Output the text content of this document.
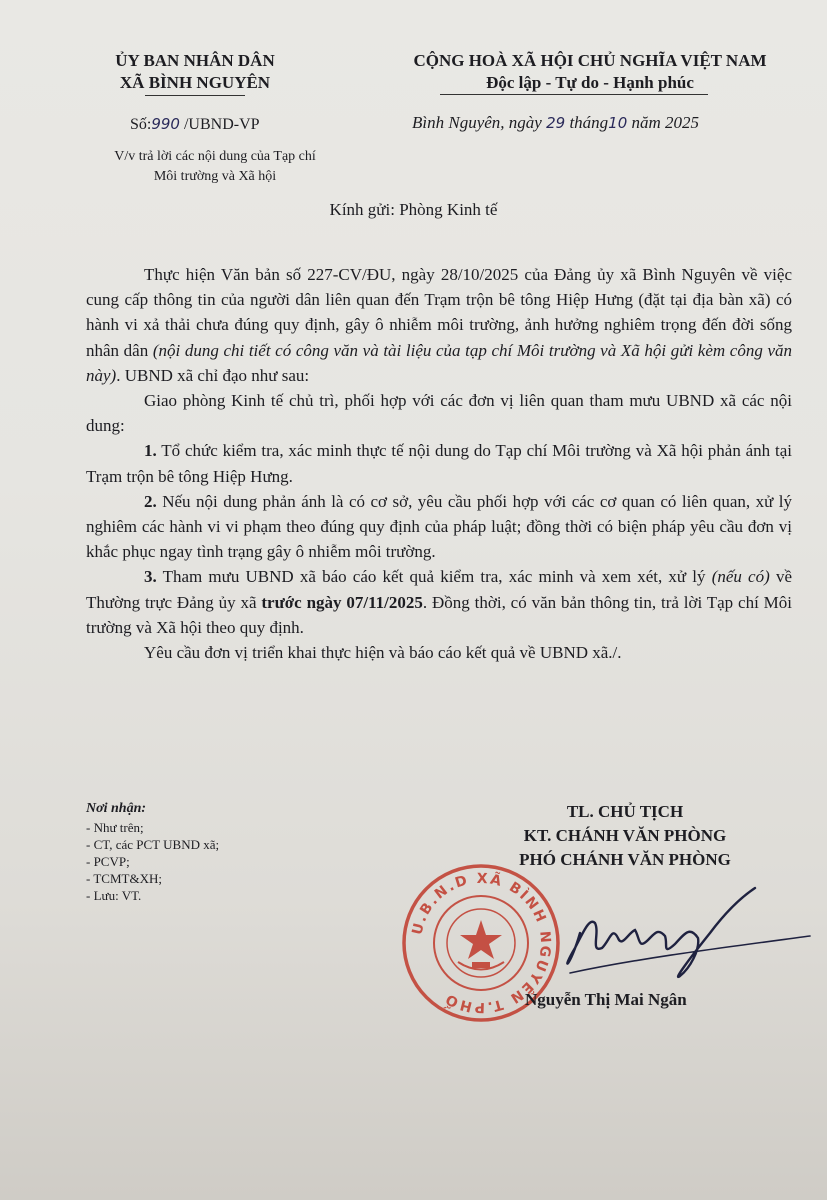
ỦY BAN NHÂN DÂN
XÃ BÌNH NGUYÊN
CỘNG HOÀ XÃ HỘI CHỦ NGHĨA VIỆT NAM
Độc lập - Tự do - Hạnh phúc
Số:990 /UBND-VP
V/v trả lời các nội dung của Tạp chí
Môi trường và Xã hội
Bình Nguyên, ngày 29 tháng10 năm 2025
Kính gửi: Phòng Kinh tế

Thực hiện Văn bản số 227-CV/ĐU, ngày 28/10/2025 của Đảng ủy xã Bình Nguyên về việc cung cấp thông tin của người dân liên quan đến Trạm trộn bê tông Hiệp Hưng (đặt tại địa bàn xã) có hành vi xả thải chưa đúng quy định, gây ô nhiễm môi trường, ảnh hưởng nghiêm trọng đến đời sống nhân dân (nội dung chi tiết có công văn và tài liệu của tạp chí Môi trường và Xã hội gửi kèm công văn này). UBND xã chỉ đạo như sau:

Giao phòng Kinh tế chủ trì, phối hợp với các đơn vị liên quan tham mưu UBND xã các nội dung:

1. Tổ chức kiểm tra, xác minh thực tế nội dung do Tạp chí Môi trường và Xã hội phản ánh tại Trạm trộn bê tông Hiệp Hưng.

2. Nếu nội dung phản ánh là có cơ sở, yêu cầu phối hợp với các cơ quan có liên quan, xử lý nghiêm các hành vi vi phạm theo đúng quy định của pháp luật; đồng thời có biện pháp yêu cầu đơn vị khắc phục ngay tình trạng gây ô nhiễm môi trường.

3. Tham mưu UBND xã báo cáo kết quả kiểm tra, xác minh và xem xét, xử lý (nếu có) về Thường trực Đảng ủy xã trước ngày 07/11/2025. Đồng thời, có văn bản thông tin, trả lời Tạp chí Môi trường và Xã hội theo quy định.

Yêu cầu đơn vị triển khai thực hiện và báo cáo kết quả về UBND xã./.

Nơi nhận:
- Như trên;
- CT, các PCT UBND xã;
- PCVP;
- TCMT&XH;
- Lưu: VT.
TL. CHỦ TỊCH
KT. CHÁNH VĂN PHÒNG
PHÓ CHÁNH VĂN PHÒNG
U.B.N.D XÃ BÌNH NGUYÊN T.PHỐ	Nguyễn Thị Mai Ngân
